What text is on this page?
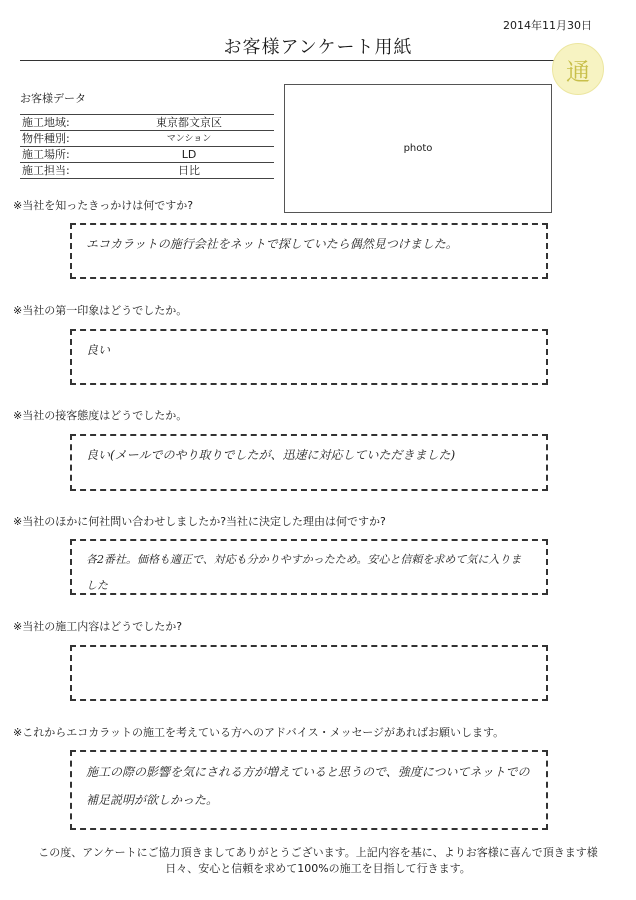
2014年11月30日
お客様アンケート用紙
通
お客様データ
施工地域:	東京都文京区
物件種別:	マンション
施工場所:	LD
施工担当:	日比
photo
※当社を知ったきっかけは何ですか?
エコカラットの施行会社をネットで探していたら偶然見つけました。
※当社の第一印象はどうでしたか。
良い
※当社の接客態度はどうでしたか。
良い(メールでのやり取りでしたが、迅速に対応していただきました)
※当社のほかに何社問い合わせしましたか?当社に決定した理由は何ですか?
各2番社。価格も適正で、対応も分かりやすかったため。安心と信頼を求めて気に入りました
※当社の施工内容はどうでしたか?
※これからエコカラットの施工を考えている方へのアドバイス・メッセージがあればお願いします。
施工の際の影響を気にされる方が増えていると思うので、強度についてネットでの補足説明が欲しかった。
この度、アンケートにご協力頂きましてありがとうございます。上記内容を基に、よりお客様に喜んで頂きます様
日々、安心と信頼を求めて100%の施工を目指して行きます。
